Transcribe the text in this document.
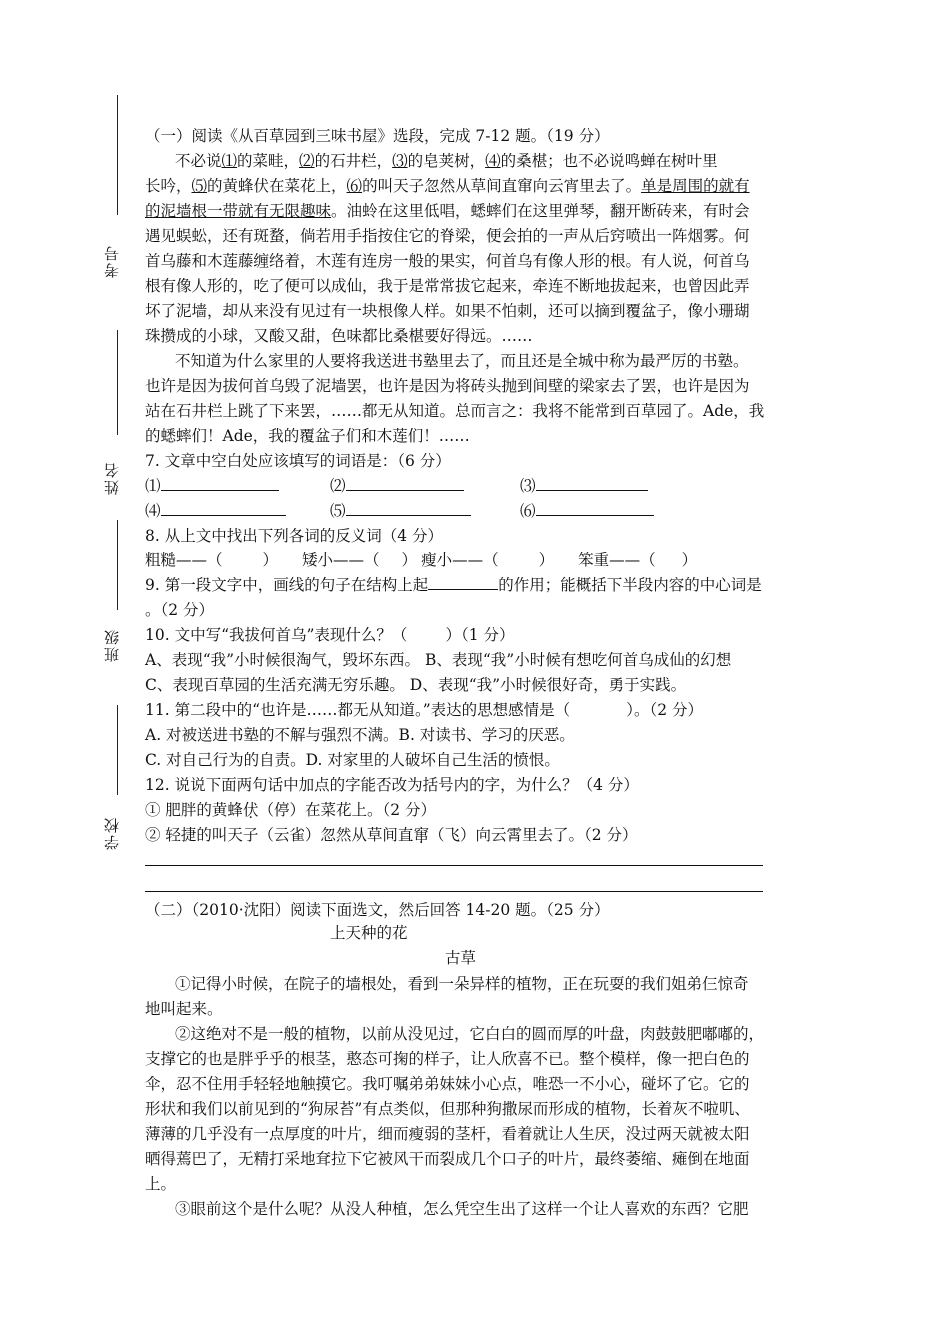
考号
姓名
班级
学校
（一）阅读《从百草园到三味书屋》选段，完成 7-12 题。（19 分）
不必说⑴的菜畦，⑵的石井栏，⑶的皂荚树，⑷的桑椹；也不必说鸣蝉在树叶里
长吟，⑸的黄蜂伏在菜花上，⑹的叫天子忽然从草间直窜向云宵里去了。单是周围的就有
的泥墙根一带就有无限趣味。油蛉在这里低唱，蟋蟀们在这里弹琴，翻开断砖来，有时会
遇见蜈蚣，还有斑蝥，倘若用手指按住它的脊梁，便会拍的一声从后窍喷出一阵烟雾。何
首乌藤和木莲藤缠络着，木莲有连房一般的果实，何首乌有像人形的根。有人说，何首乌
根有像人形的，吃了便可以成仙，我于是常常拔它起来，牵连不断地拔起来，也曾因此弄
坏了泥墙，却从来没有见过有一块根像人样。如果不怕刺，还可以摘到覆盆子，像小珊瑚
珠攒成的小球，又酸又甜，色味都比桑椹要好得远。……
不知道为什么家里的人要将我送进书塾里去了，而且还是全城中称为最严厉的书塾。
也许是因为拔何首乌毁了泥墙罢，也许是因为将砖头抛到间壁的梁家去了罢，也许是因为
站在石井栏上跳了下来罢，……都无从知道。总而言之：我将不能常到百草园了。Ade，我
的蟋蟀们！Ade，我的覆盆子们和木莲们！……
7. 文章中空白处应该填写的词语是：（6 分）
⑴	⑵	⑶
⑷	⑸	⑹
8. 从上文中找出下列各词的反义词（4 分）
粗糙——（	） 矮小——（ ） 瘦小——（	） 笨重——（ ）
9. 第一段文字中，画线的句子在结构上起	的作用；能概括下半段内容的中心词是
。（2 分）
10. 文中写“我拔何首乌”表现什么？（ ）（1 分）
A、表现“我”小时候很淘气，毁坏东西。 B、表现“我”小时候有想吃何首乌成仙的幻想
C、表现百草园的生活充满无穷乐趣。 D、表现“我”小时候很好奇，勇于实践。
11. 第二段中的“也许是……都无从知道。”表达的思想感情是（	）。（2 分）
A. 对被送进书塾的不解与强烈不满。B. 对读书、学习的厌恶。
C. 对自己行为的自责。D. 对家里的人破坏自己生活的愤恨。
12. 说说下面两句话中加点的字能否改为括号内的字，为什么？（4 分）
① 肥胖的黄蜂伏（停）在菜花上。（2 分）
② 轻捷的叫天子（云雀）忽然从草间直窜（飞）向云霄里去了。（2 分）
（二）（2010·沈阳）阅读下面选文，然后回答 14-20 题。（25 分）
上天种的花
古草
①记得小时候，在院子的墙根处，看到一朵异样的植物，正在玩耍的我们姐弟仨惊奇
地叫起来。
②这绝对不是一般的植物，以前从没见过，它白白的圆而厚的叶盘，肉鼓鼓肥嘟嘟的，
支撑它的也是胖乎乎的根茎，憨态可掬的样子，让人欣喜不已。整个模样，像一把白色的
伞，忍不住用手轻轻地触摸它。我叮嘱弟弟妹妹小心点，唯恐一不小心，碰坏了它。它的
形状和我们以前见到的“狗尿苔”有点类似，但那种狗撒尿而形成的植物，长着灰不啦叽、
薄薄的几乎没有一点厚度的叶片，细而瘦弱的茎杆，看着就让人生厌，没过两天就被太阳
晒得蔫巴了，无精打采地耷拉下它被风干而裂成几个口子的叶片，最终萎缩、瘫倒在地面
上。
③眼前这个是什么呢？从没人种植，怎么凭空生出了这样一个让人喜欢的东西？它肥
